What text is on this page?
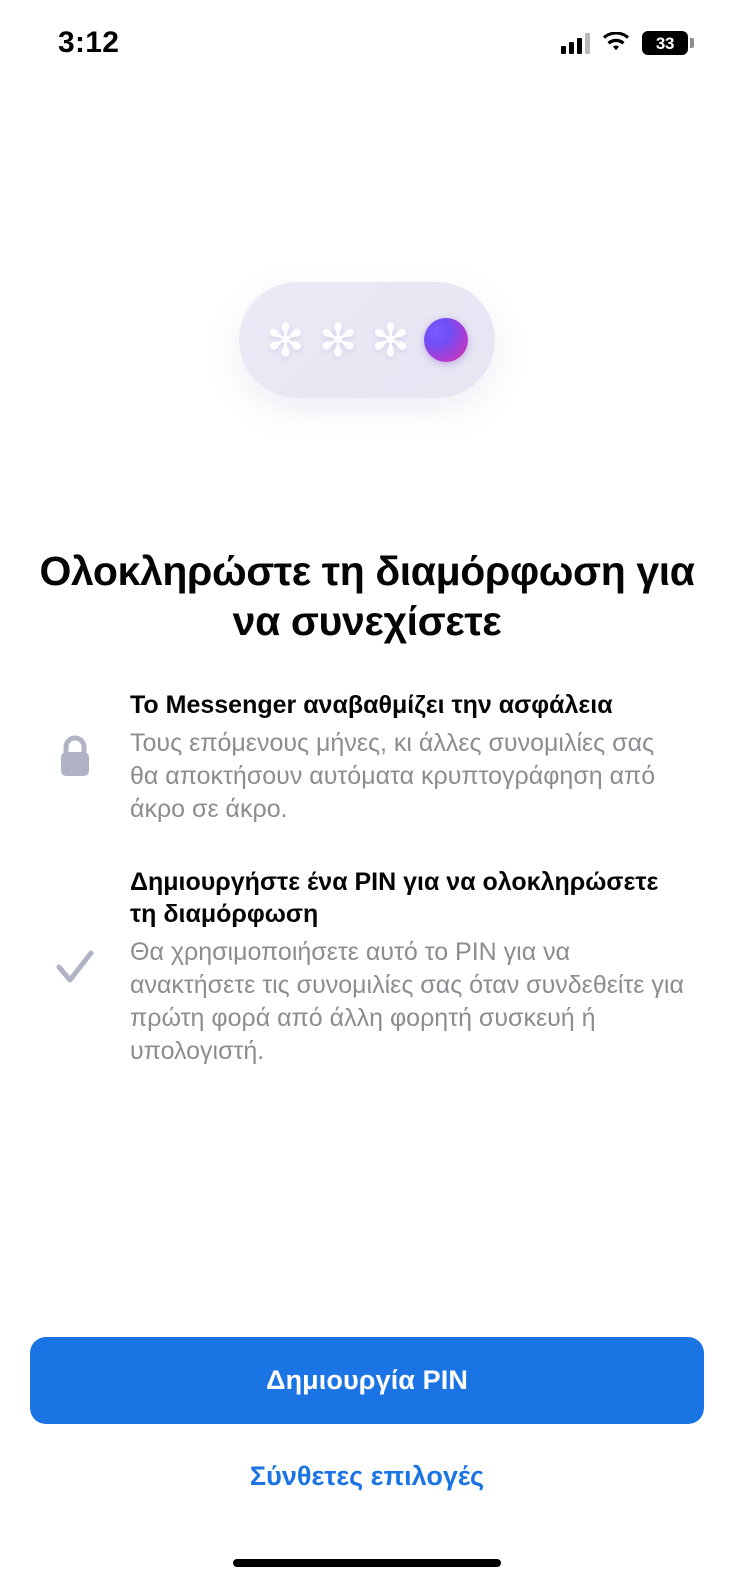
3:12	33
✻ ✻ ✻
Ολοκληρώστε τη διαμόρφωση για να συνεχίσετε
Το Messenger αναβαθμίζει την ασφάλεια
Τους επόμενους μήνες, κι άλλες συνομιλίες σας θα αποκτήσουν αυτόματα κρυπτογράφηση από άκρο σε άκρο.
Δημιουργήστε ένα PIN για να ολοκληρώσετε τη διαμόρφωση
Θα χρησιμοποιήσετε αυτό το PIN για να ανακτήσετε τις συνομιλίες σας όταν συνδεθείτε για πρώτη φορά από άλλη φορητή συσκευή ή υπολογιστή.
Δημιουργία PIN
Σύνθετες επιλογές
